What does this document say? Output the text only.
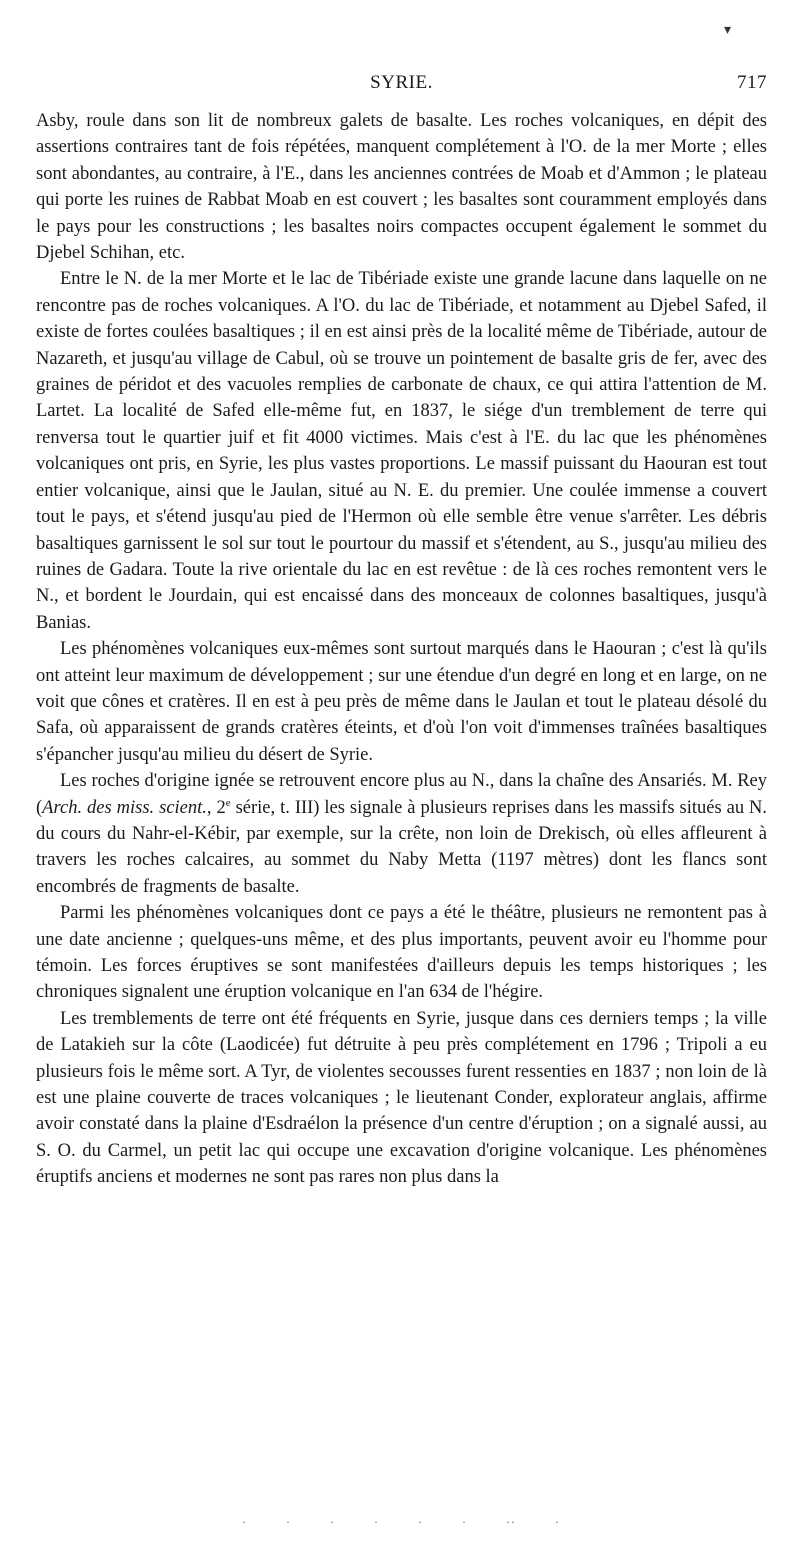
▾
SYRIE.	717

Asby, roule dans son lit de nombreux galets de basalte. Les roches volcaniques, en dépit des assertions contraires tant de fois répétées, manquent complétement à l'O. de la mer Morte ; elles sont abondantes, au contraire, à l'E., dans les anciennes contrées de Moab et d'Ammon ; le plateau qui porte les ruines de Rabbat Moab en est couvert ; les basaltes sont couramment employés dans le pays pour les constructions ; les basaltes noirs compactes occupent également le sommet du Djebel Schihan, etc.

Entre le N. de la mer Morte et le lac de Tibériade existe une grande lacune dans laquelle on ne rencontre pas de roches volcaniques. A l'O. du lac de Tibériade, et notamment au Djebel Safed, il existe de fortes coulées basaltiques ; il en est ainsi près de la localité même de Tibériade, autour de Nazareth, et jusqu'au village de Cabul, où se trouve un pointement de basalte gris de fer, avec des graines de péridot et des vacuoles remplies de carbonate de chaux, ce qui attira l'attention de M. Lartet. La localité de Safed elle-même fut, en 1837, le siége d'un tremblement de terre qui renversa tout le quartier juif et fit 4000 victimes. Mais c'est à l'E. du lac que les phénomènes volcaniques ont pris, en Syrie, les plus vastes proportions. Le massif puissant du Haouran est tout entier volcanique, ainsi que le Jaulan, situé au N. E. du premier. Une coulée immense a couvert tout le pays, et s'étend jusqu'au pied de l'Hermon où elle semble être venue s'arrêter. Les débris basaltiques garnissent le sol sur tout le pourtour du massif et s'étendent, au S., jusqu'au milieu des ruines de Gadara. Toute la rive orientale du lac en est revêtue : de là ces roches remontent vers le N., et bordent le Jourdain, qui est encaissé dans des monceaux de colonnes basaltiques, jusqu'à Banias.

Les phénomènes volcaniques eux-mêmes sont surtout marqués dans le Haouran ; c'est là qu'ils ont atteint leur maximum de développement ; sur une étendue d'un degré en long et en large, on ne voit que cônes et cratères. Il en est à peu près de même dans le Jaulan et tout le plateau désolé du Safa, où apparaissent de grands cratères éteints, et d'où l'on voit d'immenses traînées basaltiques s'épancher jusqu'au milieu du désert de Syrie.

Les roches d'origine ignée se retrouvent encore plus au N., dans la chaîne des Ansariés. M. Rey (Arch. des miss. scient., 2e série, t. III) les signale à plusieurs reprises dans les massifs situés au N. du cours du Nahr-el-Kébir, par exemple, sur la crête, non loin de Drekisch, où elles affleurent à travers les roches calcaires, au sommet du Naby Metta (1197 mètres) dont les flancs sont encombrés de fragments de basalte.

Parmi les phénomènes volcaniques dont ce pays a été le théâtre, plusieurs ne remontent pas à une date ancienne ; quelques-uns même, et des plus importants, peuvent avoir eu l'homme pour témoin. Les forces éruptives se sont manifestées d'ailleurs depuis les temps historiques ; les chroniques signalent une éruption volcanique en l'an 634 de l'hégire.

Les tremblements de terre ont été fréquents en Syrie, jusque dans ces derniers temps ; la ville de Latakieh sur la côte (Laodicée) fut détruite à peu près complétement en 1796 ; Tripoli a eu plusieurs fois le même sort. A Tyr, de violentes secousses furent ressenties en 1837 ; non loin de là est une plaine couverte de traces volcaniques ; le lieutenant Conder, explorateur anglais, affirme avoir constaté dans la plaine d'Esdraélon la présence d'un centre d'éruption ; on a signalé aussi, au S. O. du Carmel, un petit lac qui occupe une excavation d'origine volcanique. Les phénomènes éruptifs anciens et modernes ne sont pas rares non plus dans la

. . . . . . .. .
